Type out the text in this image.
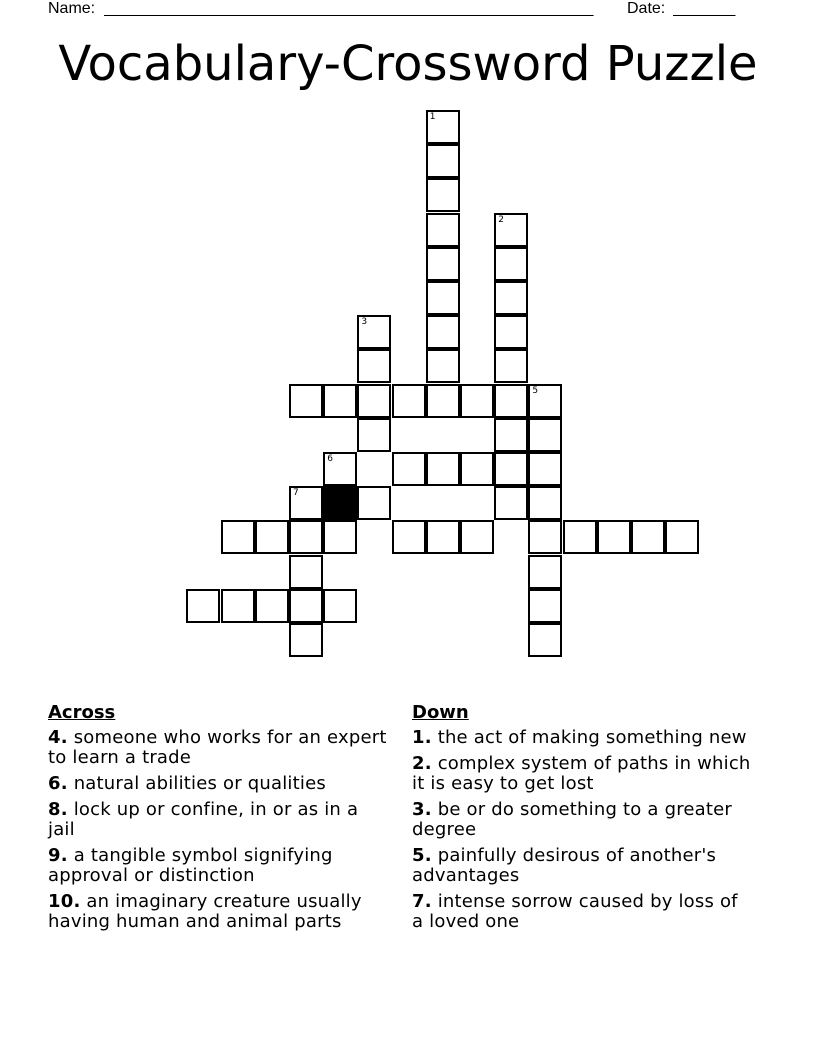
Name: _______________________________________________________	Date: _______
Vocabulary-Crossword Puzzle
1
2
3
5
6
7
Across
4. someone who works for an expert to learn a trade
6. natural abilities or qualities
8. lock up or confine, in or as in a jail
9. a tangible symbol signifying approval or distinction
10. an imaginary creature usually having human and animal parts
Down
1. the act of making something new
2. complex system of paths in which it is easy to get lost
3. be or do something to a greater degree
5. painfully desirous of another's advantages
7. intense sorrow caused by loss of a loved one
